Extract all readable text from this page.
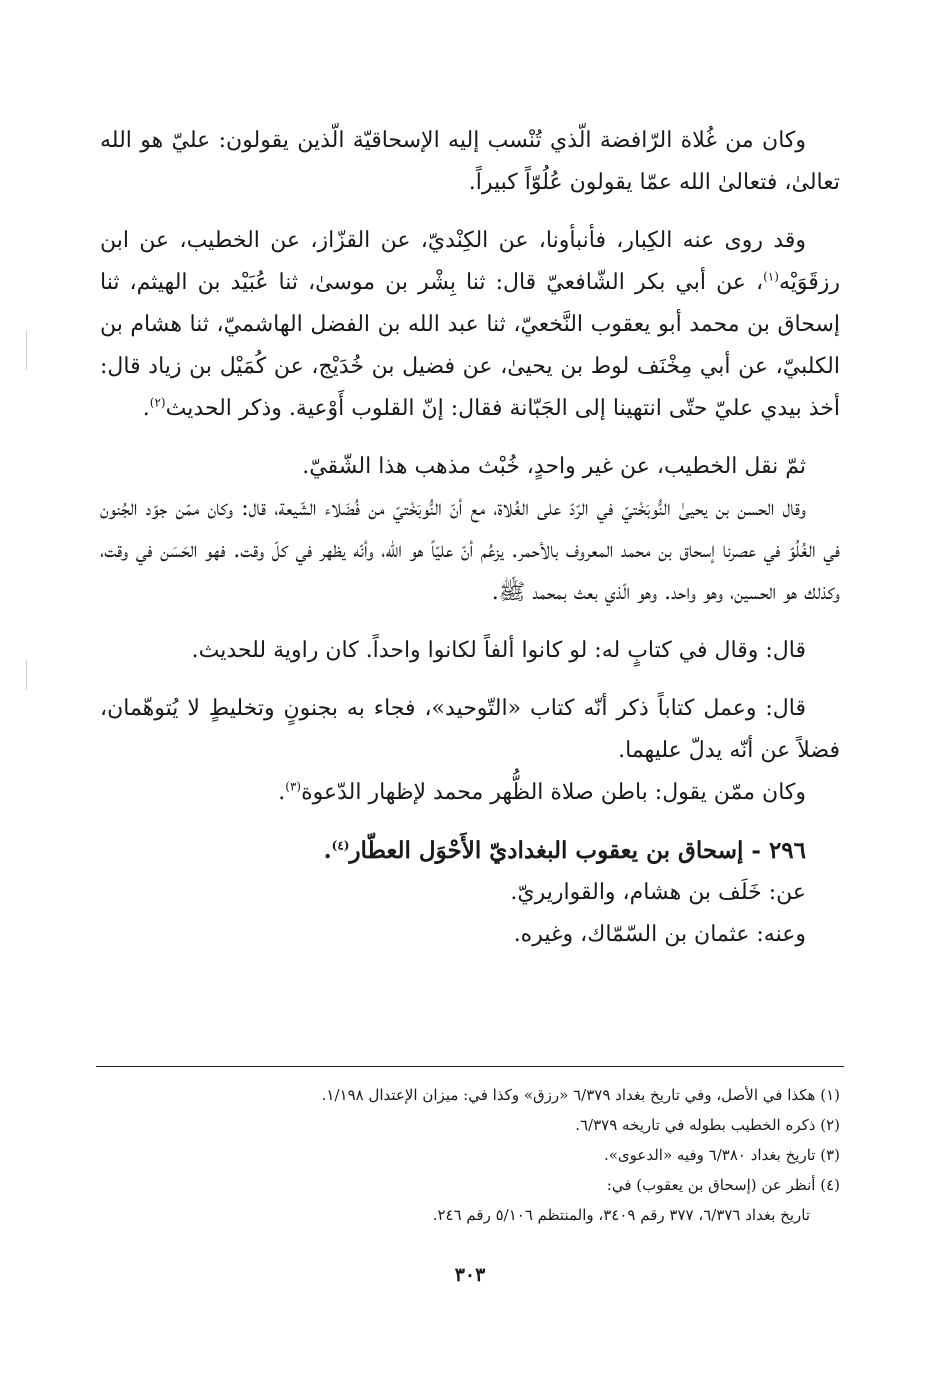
وكان من غُلاة الرّافضة الّذي تُنْسب إليه الإسحاقيّة الّذين يقولون: عليّ هو الله تعالىٰ، فتعالىٰ الله عمّا يقولون عُلُوّاً كبيراً.

وقد روى عنه الكِبار، فأنبأونا، عن الكِنْديّ، عن القزّاز، عن الخطيب، عن ابن رزقَوَيْه$^{(١)}$، عن أبي بكر الشّافعيّ قال: ثنا بِشْر بن موسىٰ، ثنا عُبَيْد بن الهيثم، ثنا إسحاق بن محمد أبو يعقوب النَّخعيّ، ثنا عبد الله بن الفضل الهاشميّ، ثنا هشام بن الكلبيّ، عن أبي مِخْنَف لوط بن يحيىٰ، عن فضيل بن خُدَيْج، عن كُمَيْل بن زياد قال: أخذ بيدي عليّ حتّى انتهينا إلى الجَبّانة فقال: إنّ القلوب أَوْعية. وذكر الحديث$^{(٢)}$.

ثمّ نقل الخطيب، عن غير واحدٍ، خُبْث مذهب هذا الشّقيّ.

وقال الحسن بن يحيىٰ النُّوبَخْتيّ في الرّدّ على الغُلاة، مع أنّ النُّوبَخْتيّ من فُضَلاء الشّيعة، قال: وكان ممّن جوّد الجُنون في الغُلُوّ في عصرنا إسحاق بن محمد المعروف بالأحمر. يزعُم أنّ عليّاً هو الله، وأنّه يظهر في كلّ وقت. فهو الحَسَن في وقت، وكذلك هو الحسين، وهو واحد. وهو الّذي بعث بمحمد ﷺ.

قال: وقال في كتابٍ له: لو كانوا ألفاً لكانوا واحداً. كان راوية للحديث.

قال: وعمل كتاباً ذكر أنّه كتاب «التّوحيد»، فجاء به بجنونٍ وتخليطٍ لا يُتوهّمان، فضلاً عن أنّه يدلّ عليهما.

وكان ممّن يقول: باطن صلاة الظُّهر محمد لإظهار الدّعوة$^{(٣)}$.

٢٩٦ - إسحاق بن يعقوب البغداديّ الأَحْوَل العطّار$^{(٤)}$.

عن: خَلَف بن هشام، والقواريريّ.

وعنه: عثمان بن السّمّاك، وغيره.

(١) هكذا في الأصل، وفي تاريخ بغداد ٦/٣٧٩ «رزق» وكذا في: ميزان الإعتدال ١/١٩٨.

(٢) ذكره الخطيب بطوله في تاريخه ٦/٣٧٩.

(٣) تاريخ بغداد ٦/٣٨٠ وفيه «الدعوى».

(٤) أنظر عن (إسحاق بن يعقوب) في:

تاريخ بغداد ٦/٣٧٦، ٣٧٧ رقم ٣٤٠٩، والمنتظم ٥/١٠٦ رقم ٢٤٦.

٣٠٣
